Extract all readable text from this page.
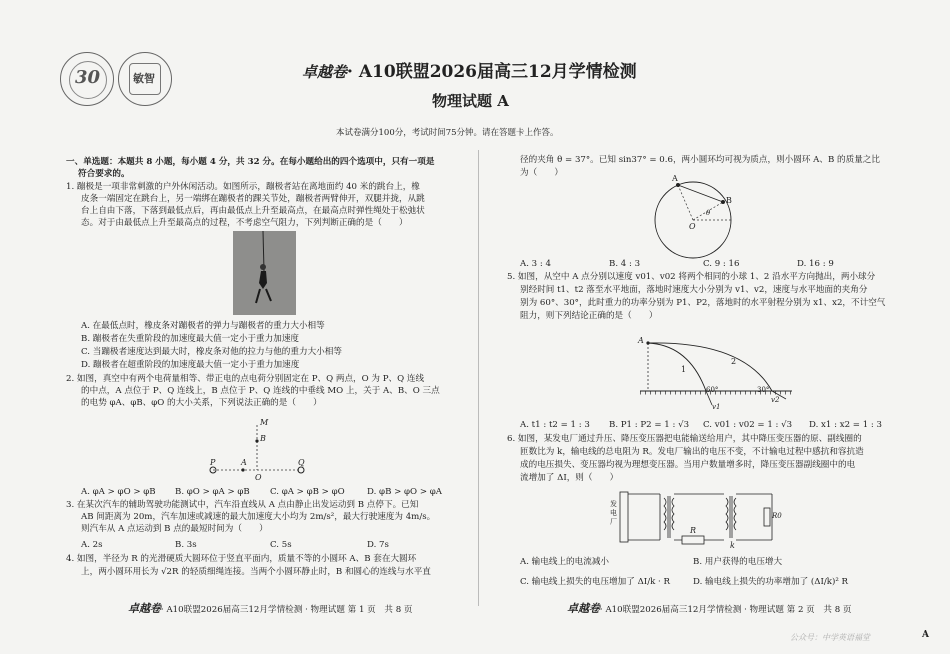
30	敏智	卓越卷· A10联盟2026届高三12月学情检测
物理试题 A
本试卷满分100分，考试时间75分钟。请在答题卡上作答。
一、单选题：本题共 8 小题，每小题 4 分，共 32 分。在每小题给出的四个选项中，只有一项是
符合要求的。
1. 蹦极是一项非常刺激的户外休闲活动。如图所示，蹦极者站在离地面约 40 米的跳台上，橡
皮条一端固定在跳台上，另一端绑在蹦极者的踝关节处，蹦极者两臂伸开，双腿并拢，从跳
台上自由下落，下落到最低点后，再由最低点上升至最高点，在最高点时弹性绳处于松弛状
态。对于由最低点上升至最高点的过程，不考虑空气阻力，下列判断正确的是（　　）
A. 在最低点时，橡皮条对蹦极者的弹力与蹦极者的重力大小相等
B. 蹦极者在失重阶段的加速度最大值一定小于重力加速度
C. 当蹦极者速度达到最大时，橡皮条对他的拉力与他的重力大小相等
D. 蹦极者在超重阶段的加速度最大值一定小于重力加速度
2. 如图，真空中有两个电荷量相等、带正电的点电荷分别固定在 P、Q 两点，O 为 P、Q 连线
的中点，A 点位于 P、Q 连线上，B 点位于 P、Q 连线的中垂线 MO 上，关于 A、B、O 三点
的电势 φA、φB、φO 的大小关系，下列说法正确的是（　　）
M
B
P	A	Q
O
A. φA > φO > φB B. φO > φA > φB C. φA > φB > φO	D. φB > φO > φA
3. 在某次汽车的辅助驾驶功能测试中，汽车沿直线从 A 点由静止出发运动到 B 点停下。已知
AB 间距离为 20m，汽车加速或减速的最大加速度大小均为 2m/s²，最大行驶速度为 4m/s。
则汽车从 A 点运动到 B 点的最短时间为（　　）
A. 2s	B. 3s	C. 5s	D. 7s
4. 如图，半径为 R 的光滑硬质大圆环位于竖直平面内，质量不等的小圆环 A、B 套在大圆环
上，两小圆环用长为 √2R 的轻质细绳连接。当两个小圆环静止时，B 和圆心的连线与水平直
卓越卷· A10联盟2026届高三12月学情检测 · 物理试题 第 1 页　共 8 页
径的夹角 θ = 37°。已知 sin37° = 0.6，两小圆环均可视为质点，则小圆环 A、B 的质量之比
为（　　）
A
B
O
θ
A. 3 : 4	B. 4 : 3	C. 9 : 16	D. 16 : 9
5. 如图，从空中 A 点分别以速度 v01、v02 将两个相同的小球 1、2 沿水平方向抛出，两小球分
别经时间 t1、t2 落至水平地面，落地时速度大小分别为 v1、v2，速度与水平地面的夹角分
别为 60°、30°，此时重力的功率分别为 P1、P2，落地时的水平射程分别为 x1、x2，不计空气
阻力，则下列结论正确的是（　　）
A
1
2
60°	30°
v1
v2
A. t1 : t2 = 1 : 3 B. P1 : P2 = 1 : √3 C. v01 : v02 = 1 : √3 D. x1 : x2 = 1 : 3
6. 如图，某发电厂通过升压、降压变压器把电能输送给用户，其中降压变压器的原、副线圈的
匝数比为 k，输电线的总电阻为 R。发电厂输出的电压不变，不计输电过程中感抗和容抗造
成的电压损失、变压器均视为理想变压器。当用户数量增多时，降压变压器副线圈中的电
流增加了 ΔI，则（　　）
发电厂
R
k
R0
A. 输电线上的电流减小	B. 用户获得的电压增大
C. 输电线上损失的电压增加了 ΔI/k · R	D. 输电线上损失的功率增加了 (ΔI/k)² R
卓越卷· A10联盟2026届高三12月学情检测 · 物理试题 第 2 页　共 8 页
公众号：中学英语福堂	A
